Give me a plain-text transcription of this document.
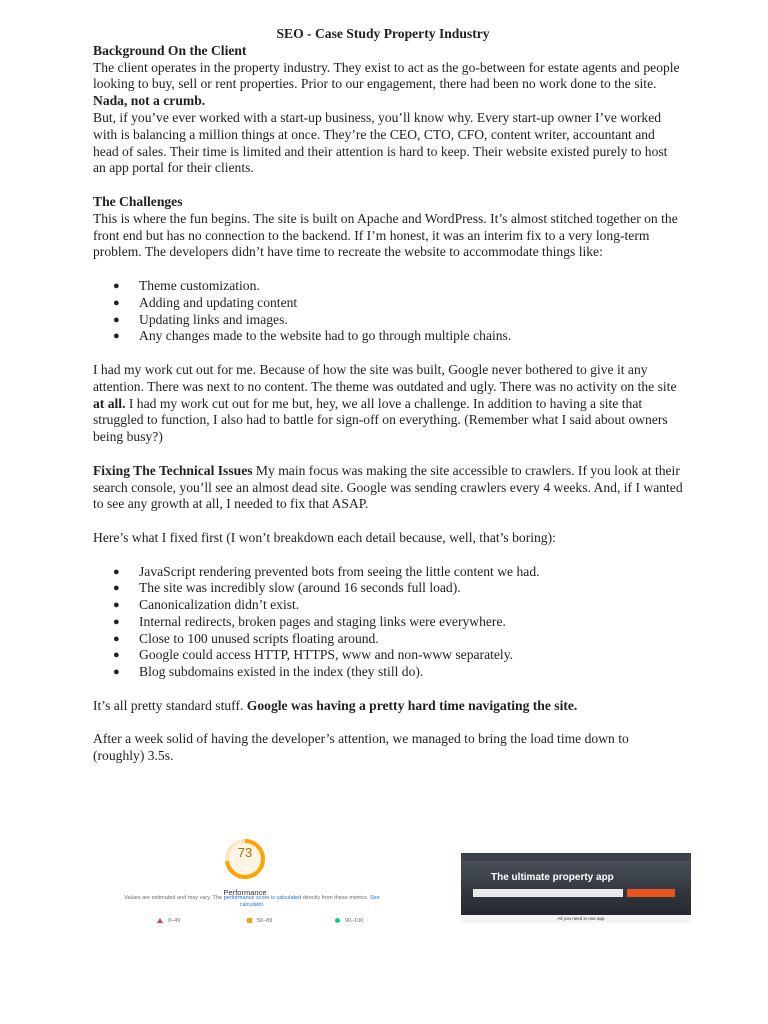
SEO - Case Study Property Industry

Background On the Client

The client operates in the property industry. They exist to act as the go-between for estate agents and people looking to buy, sell or rent properties. Prior to our engagement, there had been no work done to the site.

Nada, not a crumb.

But, if you’ve ever worked with a start-up business, you’ll know why. Every start-up owner I’ve worked with is balancing a million things at once. They’re the CEO, CTO, CFO, content writer, accountant and head of sales. Their time is limited and their attention is hard to keep. Their website existed purely to host an app portal for their clients.

The Challenges

This is where the fun begins. The site is built on Apache and WordPress. It’s almost stitched together on the front end but has no connection to the backend. If I’m honest, it was an interim fix to a very long-term problem. The developers didn’t have time to recreate the website to accommodate things like:

● Theme customization.
● Adding and updating content
● Updating links and images.
● Any changes made to the website had to go through multiple chains.

I had my work cut out for me. Because of how the site was built, Google never bothered to give it any attention. There was next to no content. The theme was outdated and ugly. There was no activity on the site at all. I had my work cut out for me but, hey, we all love a challenge. In addition to having a site that struggled to function, I also had to battle for sign-off on everything. (Remember what I said about owners being busy?)

Fixing The Technical Issues My main focus was making the site accessible to crawlers. If you look at their search console, you’ll see an almost dead site. Google was sending crawlers every 4 weeks. And, if I wanted to see any growth at all, I needed to fix that ASAP.

Here’s what I fixed first (I won’t breakdown each detail because, well, that’s boring):

● JavaScript rendering prevented bots from seeing the little content we had.
● The site was incredibly slow (around 16 seconds full load).
● Canonicalization didn’t exist.
● Internal redirects, broken pages and staging links were everywhere.
● Close to 100 unused scripts floating around.
● Google could access HTTP, HTTPS, www and non-www separately.
● Blog subdomains existed in the index (they still do).

It’s all pretty standard stuff. Google was having a pretty hard time navigating the site.

After a week solid of having the developer’s attention, we managed to bring the load time down to (roughly) 3.5s.

73
Performance
Values are estimated and may vary. The performance score is calculated directly from these metrics. See calculator.
0–49	50–89	90–100
The ultimate property app
All you need in one app
